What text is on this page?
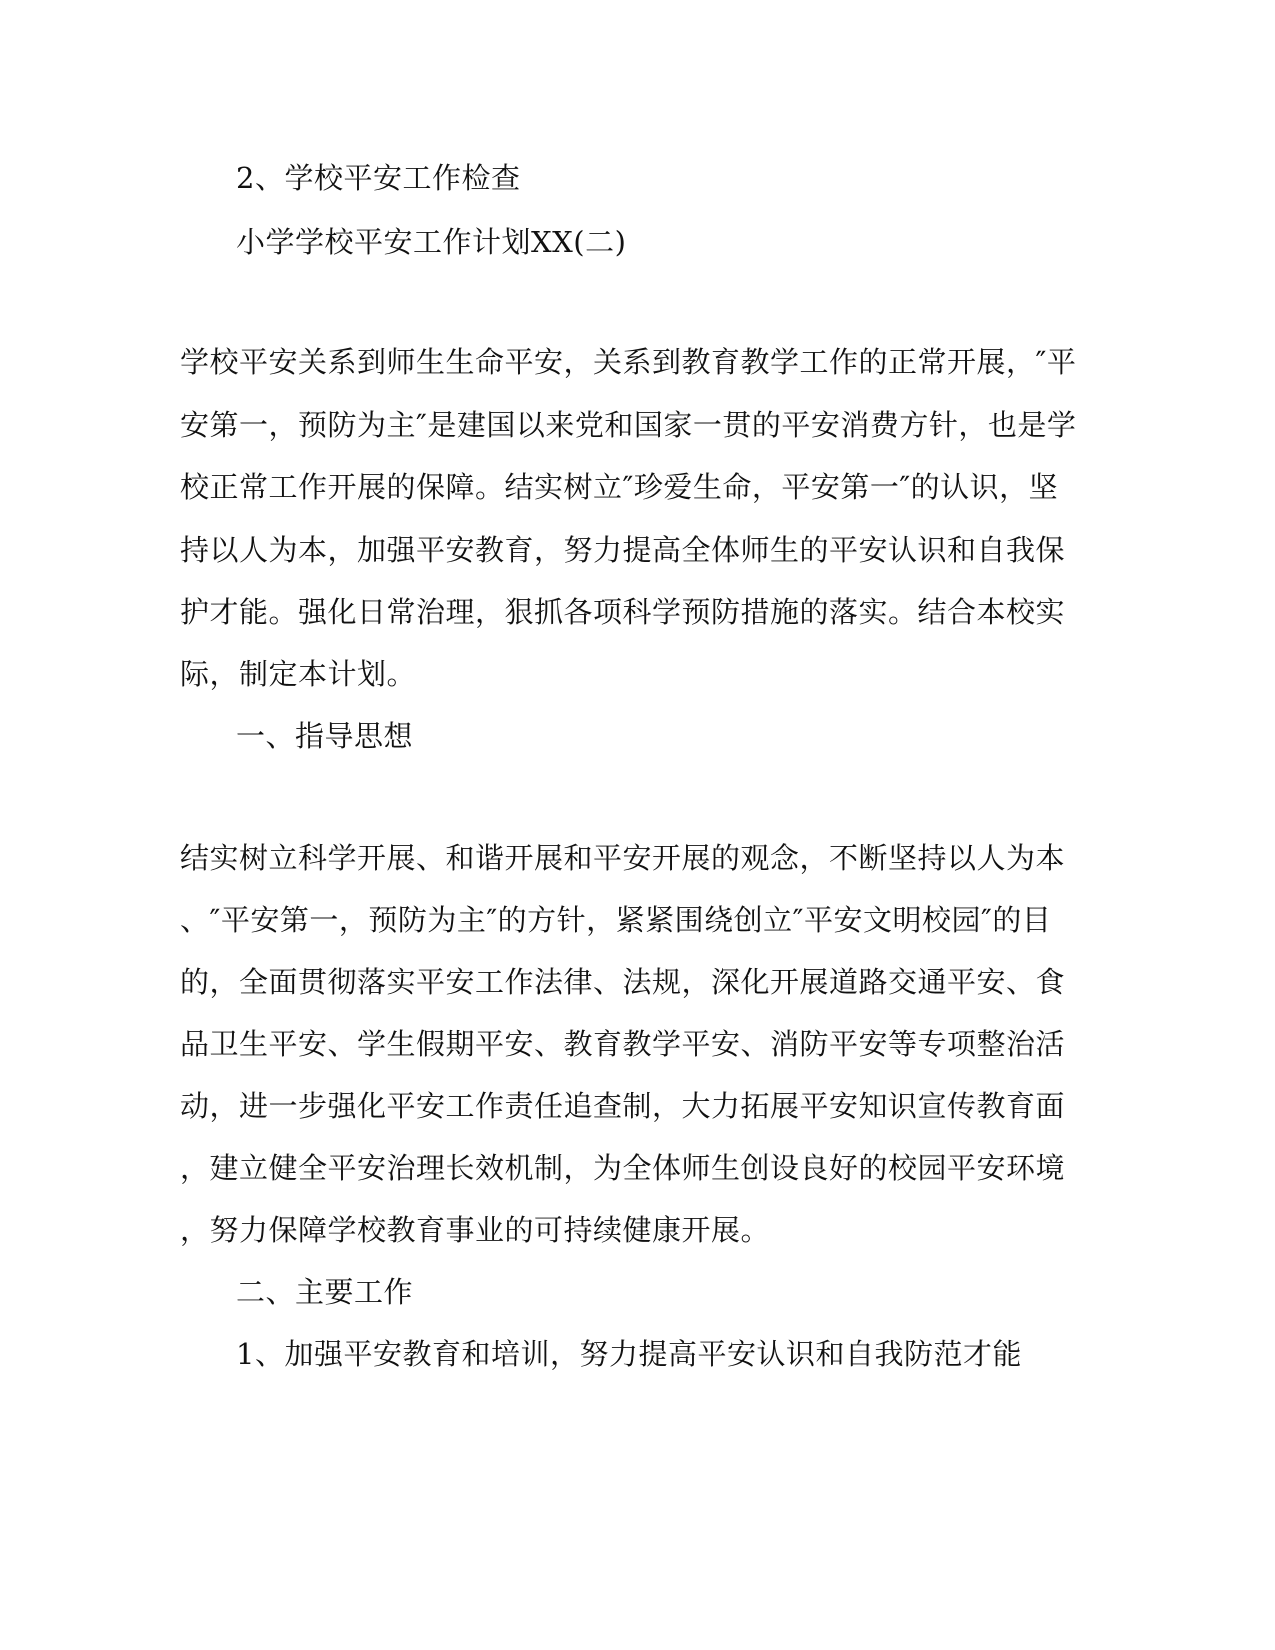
2、学校平安工作检查
小学学校平安工作计划XX(二)
学校平安关系到师生生命平安，关系到教育教学工作的正常开展，″平
安第一，预防为主″是建国以来党和国家一贯的平安消费方针，也是学
校正常工作开展的保障。结实树立″珍爱生命，平安第一″的认识，坚
持以人为本，加强平安教育，努力提高全体师生的平安认识和自我保
护才能。强化日常治理，狠抓各项科学预防措施的落实。结合本校实
际，制定本计划。
一、指导思想
结实树立科学开展、和谐开展和平安开展的观念，不断坚持以人为本
、″平安第一，预防为主″的方针，紧紧围绕创立″平安文明校园″的目
的，全面贯彻落实平安工作法律、法规，深化开展道路交通平安、食
品卫生平安、学生假期平安、教育教学平安、消防平安等专项整治活
动，进一步强化平安工作责任追查制，大力拓展平安知识宣传教育面
，建立健全平安治理长效机制，为全体师生创设良好的校园平安环境
，努力保障学校教育事业的可持续健康开展。
二、主要工作
1、加强平安教育和培训，努力提高平安认识和自我防范才能
